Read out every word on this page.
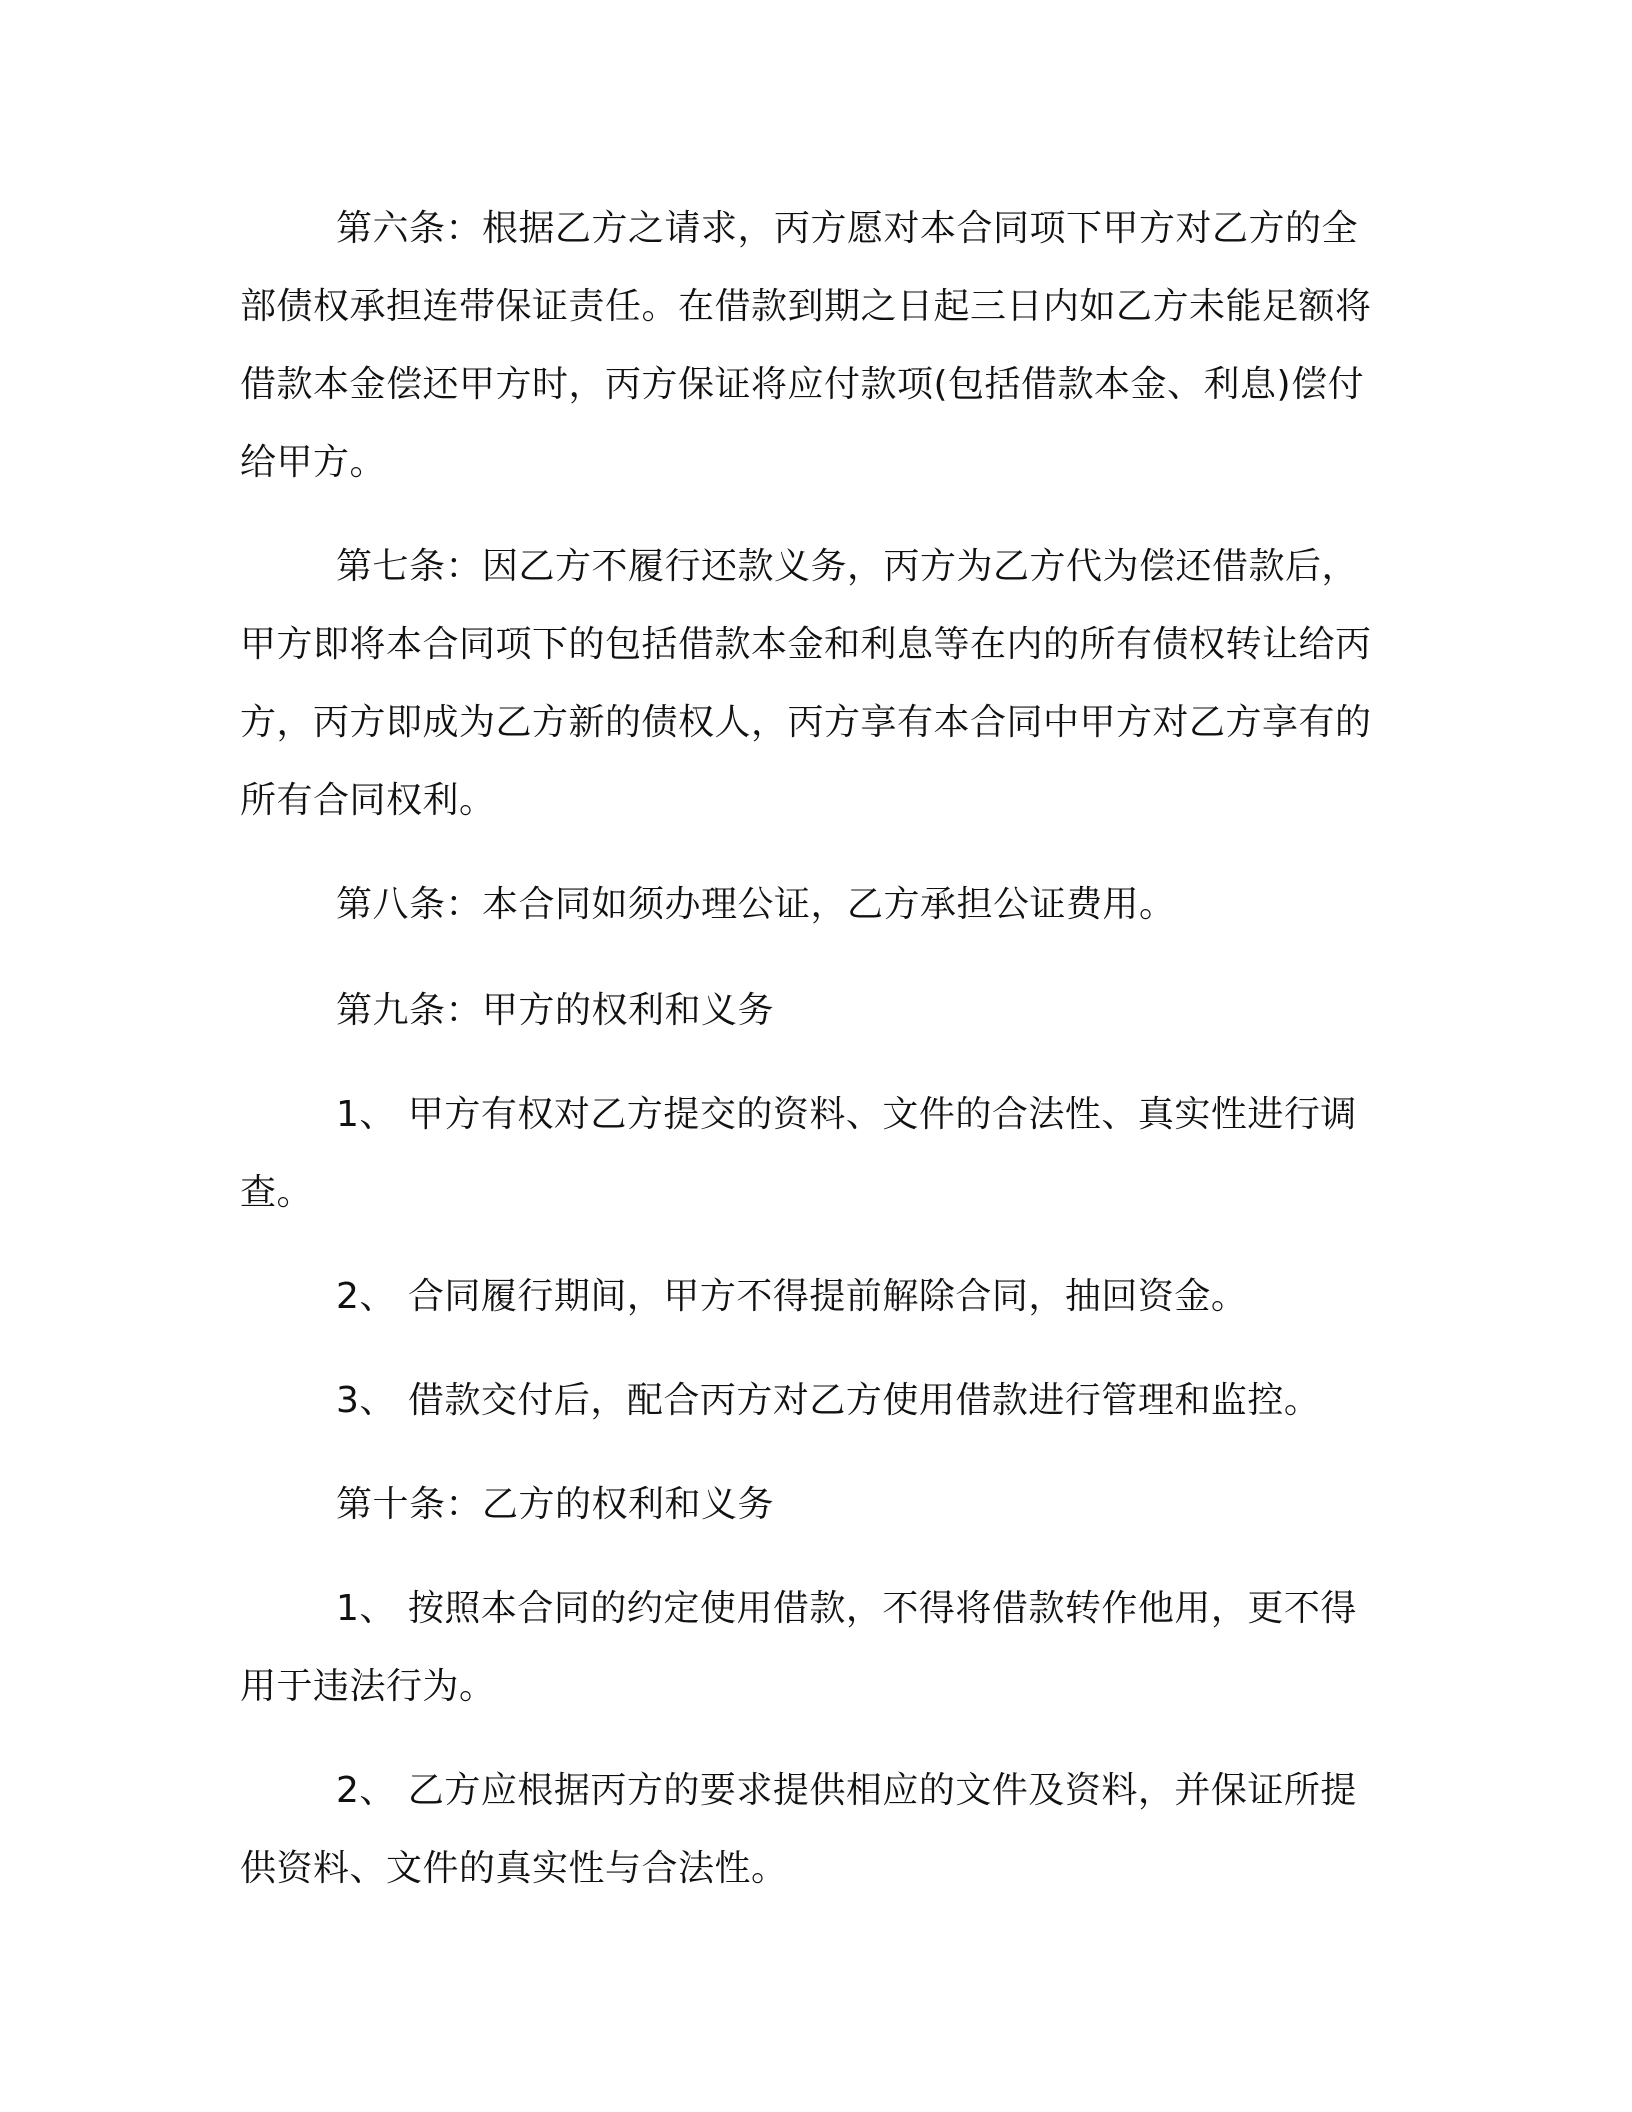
第六条：根据乙方之请求，丙方愿对本合同项下甲方对乙方的全部债权承担连带保证责任。在借款到期之日起三日内如乙方未能足额将借款本金偿还甲方时，丙方保证将应付款项(包括借款本金、利息)偿付给甲方。

第七条：因乙方不履行还款义务，丙方为乙方代为偿还借款后，甲方即将本合同项下的包括借款本金和利息等在内的所有债权转让给丙方，丙方即成为乙方新的债权人，丙方享有本合同中甲方对乙方享有的所有合同权利。

第八条：本合同如须办理公证，乙方承担公证费用。

第九条：甲方的权利和义务

1、 甲方有权对乙方提交的资料、文件的合法性、真实性进行调查。

2、 合同履行期间，甲方不得提前解除合同，抽回资金。

3、 借款交付后，配合丙方对乙方使用借款进行管理和监控。

第十条：乙方的权利和义务

1、 按照本合同的约定使用借款，不得将借款转作他用，更不得用于违法行为。

2、 乙方应根据丙方的要求提供相应的文件及资料，并保证所提供资料、文件的真实性与合法性。
